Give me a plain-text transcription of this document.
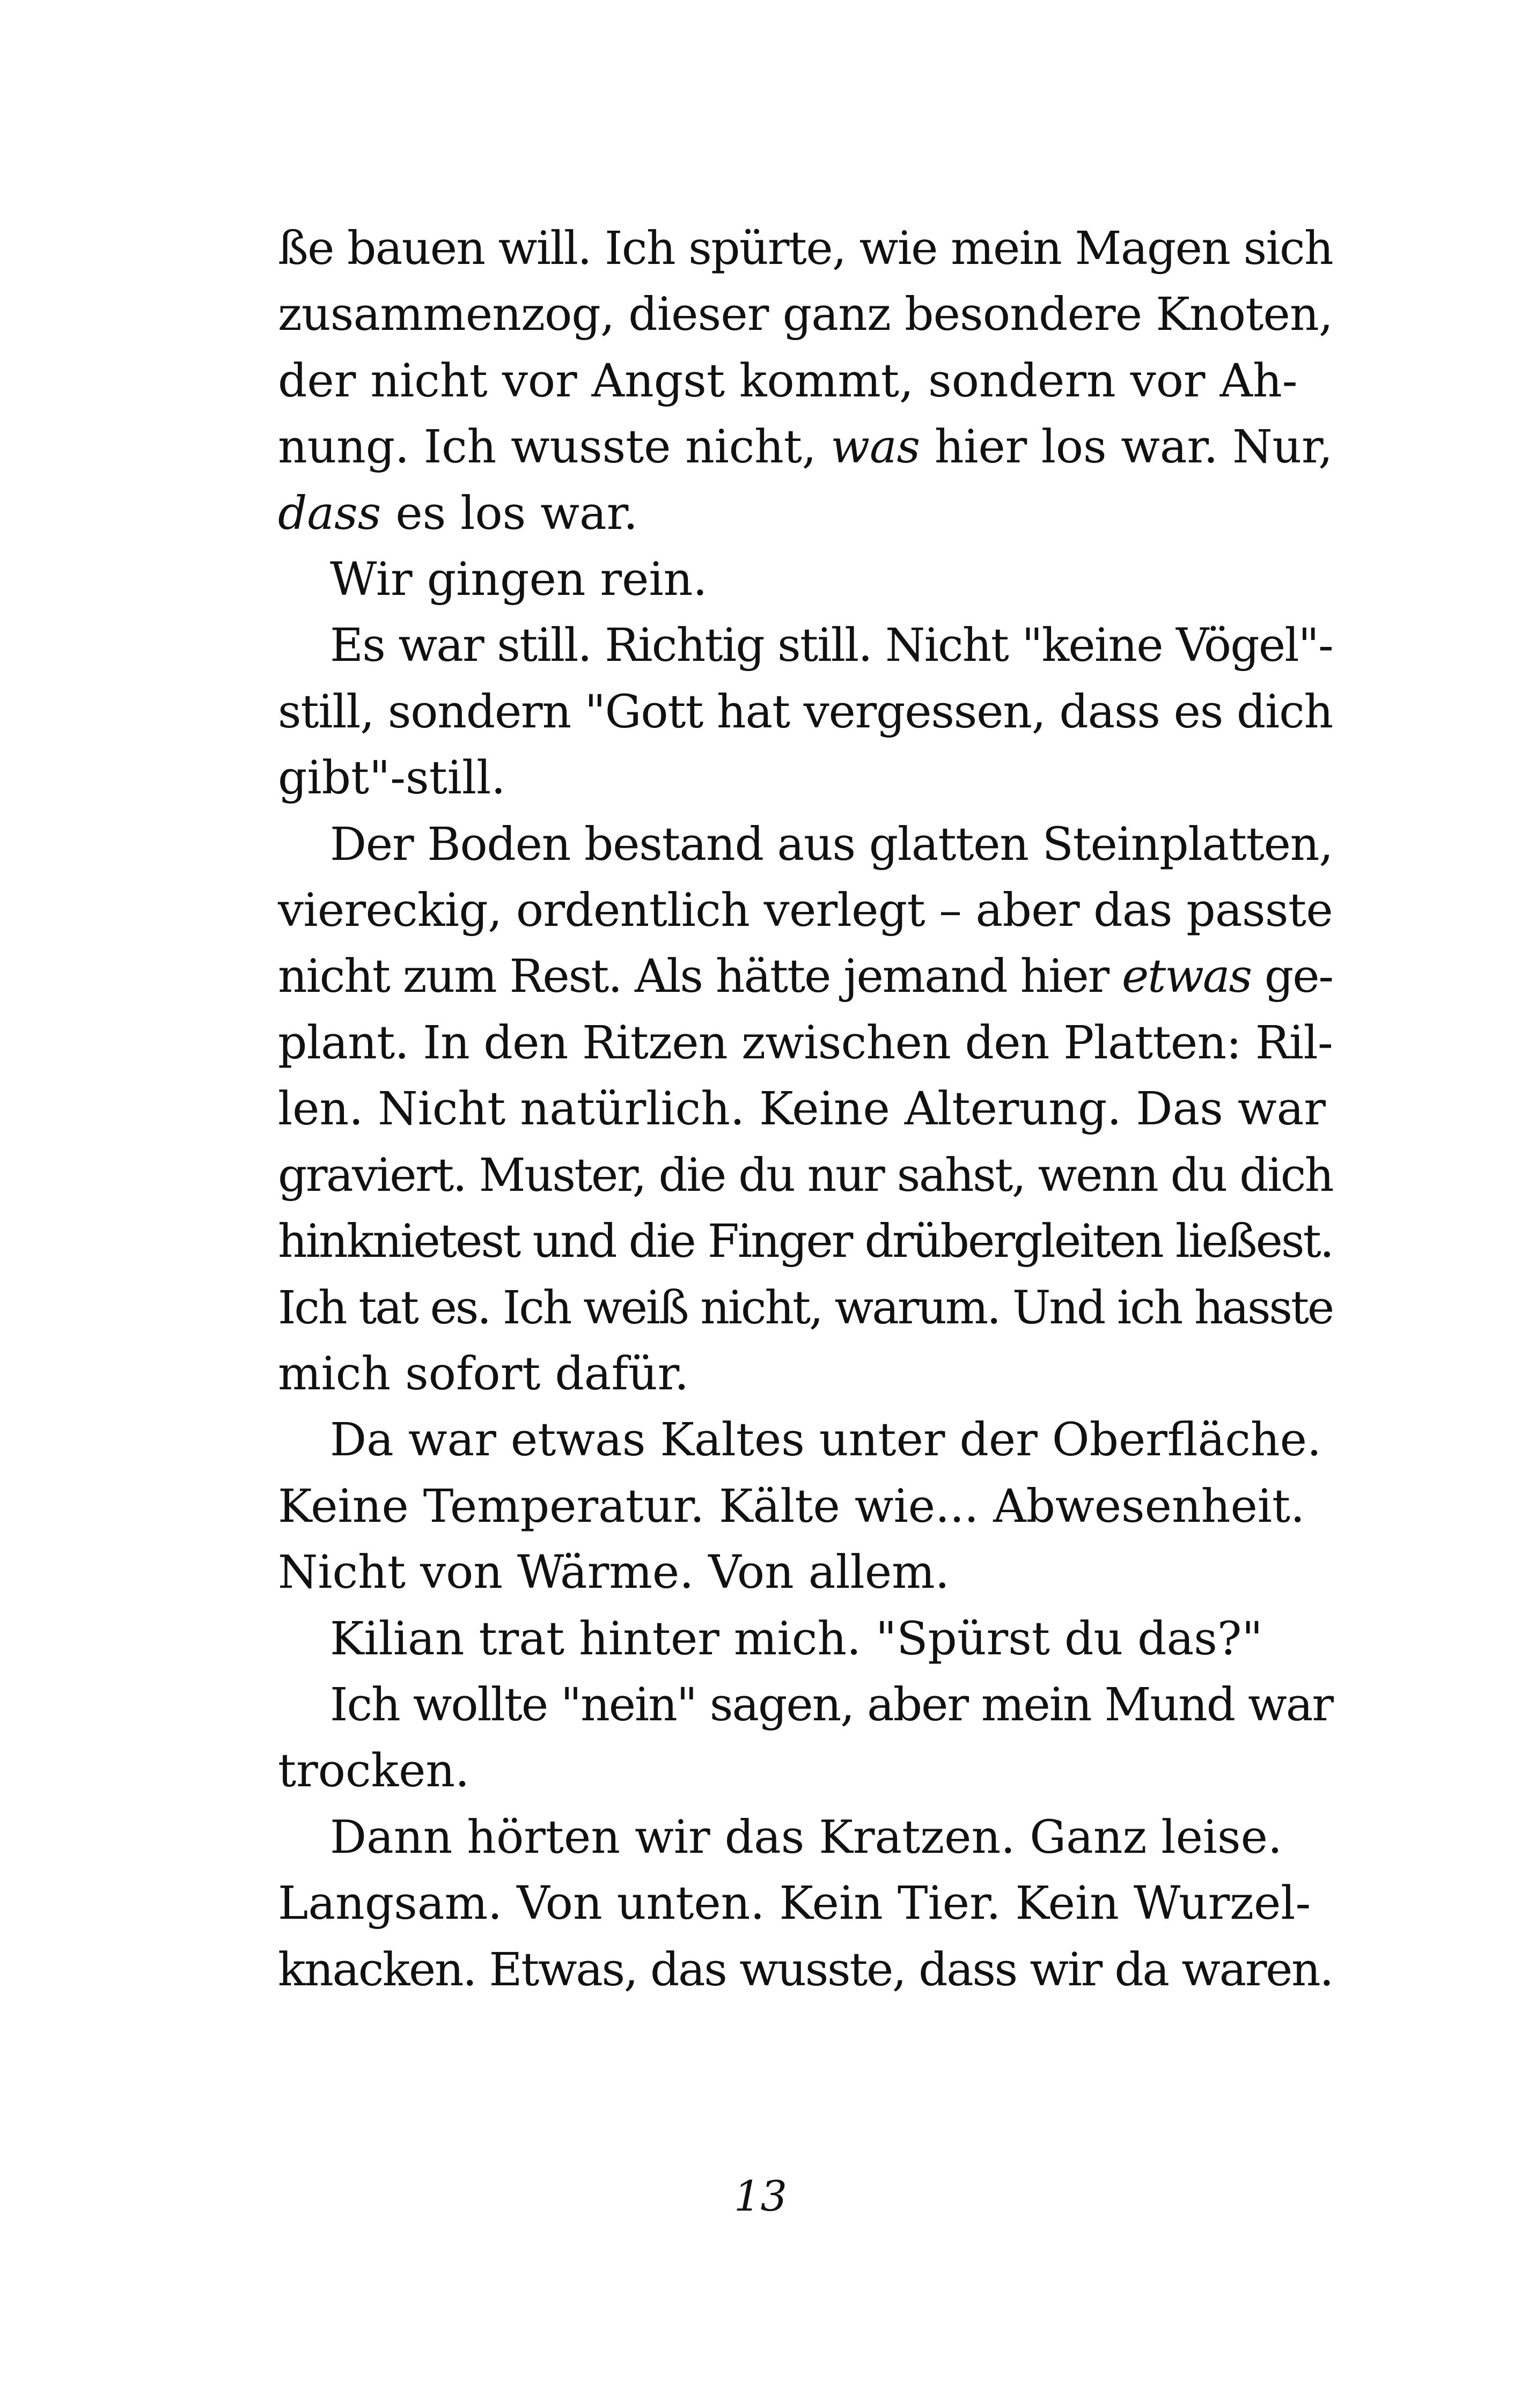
ße bauen will. Ich spürte, wie mein Magen sich
zusammenzog, dieser ganz besondere Knoten,
der nicht vor Angst kommt, sondern vor Ah-
nung. Ich wusste nicht, was hier los war. Nur,
dass es los war.
Wir gingen rein.
Es war still. Richtig still. Nicht "keine Vögel"-
still, sondern "Gott hat vergessen, dass es dich
gibt"-still.
Der Boden bestand aus glatten Steinplatten,
viereckig, ordentlich verlegt – aber das passte
nicht zum Rest. Als hätte jemand hier etwas ge-
plant. In den Ritzen zwischen den Platten: Ril-
len. Nicht natürlich. Keine Alterung. Das war
graviert. Muster, die du nur sahst, wenn du dich
hinknietest und die Finger drübergleiten ließest.
Ich tat es. Ich weiß nicht, warum. Und ich hasste
mich sofort dafür.
Da war etwas Kaltes unter der Oberfläche.
Keine Temperatur. Kälte wie... Abwesenheit.
Nicht von Wärme. Von allem.
Kilian trat hinter mich. "Spürst du das?"
Ich wollte "nein" sagen, aber mein Mund war
trocken.
Dann hörten wir das Kratzen. Ganz leise.
Langsam. Von unten. Kein Tier. Kein Wurzel-
knacken. Etwas, das wusste, dass wir da waren.
13
